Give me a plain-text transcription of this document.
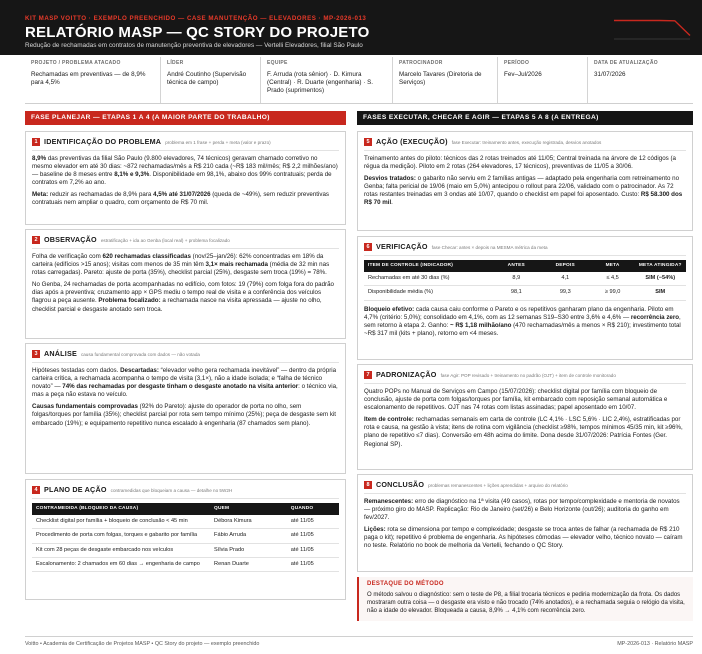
KIT MASP VOITTO · EXEMPLO PREENCHIDO — CASE MANUTENÇÃO — ELEVADORES · MP-2026-013
RELATÓRIO MASP — QC STORY DO PROJETO
Redução de rechamadas em contratos de manutenção preventiva de elevadores — Vertelli Elevadores, filial São Paulo
PROJETO / PROBLEMA ATACADO
Rechamadas em preventivas — de 8,9% para 4,5%
LÍDER
André Coutinho (Supervisão técnica de campo)
EQUIPE
F. Arruda (rota sênior) · D. Kimura (Central) · R. Duarte (engenharia) · S. Prado (suprimentos)
PATROCINADOR
Marcelo Tavares (Diretoria de Serviços)
PERÍODO
Fev–Jul/2026
DATA DE ATUALIZAÇÃO
31/07/2026
FASE PLANEJAR — ETAPAS 1 A 4 (A MAIOR PARTE DO TRABALHO)	FASES EXECUTAR, CHECAR E AGIR — ETAPAS 5 A 8 (A ENTREGA)
1 IDENTIFICAÇÃO DO PROBLEMA problema em 1 frase + perda + meta (valor e prazo)

8,9% das preventivas da filial São Paulo (9.800 elevadores, 74 técnicos) geravam chamado corretivo no mesmo elevador em até 30 dias: ~872 rechamadas/mês a R$ 210 cada (~R$ 183 mil/mês; R$ 2,2 milhões/ano) — baseline de 8 meses entre 8,1% e 9,3%. Disponibilidade em 98,1%, abaixo dos 99% contratuais; perda de contratos em 7,2% ao ano.

Meta: reduzir as rechamadas de 8,9% para 4,5% até 31/07/2026 (queda de ~49%), sem reduzir preventivas contratuais nem ampliar o quadro, com orçamento de R$ 70 mil.

2 OBSERVAÇÃO estratificação + ida ao Genba (local real) + problema focalizado

Folha de verificação com 620 rechamadas classificadas (nov/25–jan/26): 62% concentradas em 18% da carteira (edifícios >15 anos); visitas com menos de 35 min têm 3,1× mais rechamada (média de 32 min nas rotas carregadas). Pareto: ajuste de porta (35%), checklist parcial (25%), desgaste sem troca (19%) = 78%.

No Genba, 24 rechamadas de porta acompanhadas no edifício, com fotos: 19 (79%) com folga fora do padrão dias após a preventiva; cruzamento app × GPS mediu o tempo real de visita e a conferência dos veículos flagrou a peça ausente. Problema focalizado: a rechamada nasce na visita apressada — ajuste no olho, checklist parcial e desgaste anotado sem troca.

3 ANÁLISE causa fundamental comprovada com dados — não votada

Hipóteses testadas com dados. Descartadas: “elevador velho gera rechamada inevitável” — dentro da própria carteira crítica, a rechamada acompanha o tempo de visita (3,1×), não a idade isolada; e “falha de técnico novato” — 74% das rechamadas por desgaste tinham o desgaste anotado na visita anterior: o técnico via, mas a peça não estava no veículo.

Causas fundamentais comprovadas (92% do Pareto): ajuste do operador de porta no olho, sem folgas/torques por família (35%); checklist parcial por rota sem tempo mínimo (25%); peça de desgaste sem kit embarcado (19%); e equipamento repetitivo nunca escalado à engenharia (87 chamados sem plano).

4 PLANO DE AÇÃO contramedidas que bloqueiam a causa — detalhe no 5W2H
CONTRAMEDIDA (BLOQUEIO DA CAUSA)	QUEM	QUANDO
Checklist digital por família + bloqueio de conclusão < 45 min	Débora Kimura	até 11/05
Procedimento de porta com folgas, torques e gabarito por família	Fábio Arruda	até 11/05
Kit com 28 peças de desgaste embarcado nos veículos	Sílvia Prado	até 11/05
Escalonamento: 2 chamados em 60 dias → engenharia de campo	Renan Duarte	até 11/05
5 AÇÃO (EXECUÇÃO) fase Executar: treinamento antes, execução registrada, desvios anotados

Treinamento antes do piloto: técnicos das 2 rotas treinados até 11/05; Central treinada na árvore de 12 códigos (a régua da medição). Piloto em 2 rotas (264 elevadores, 17 técnicos), preventivas de 11/05 a 30/06.

Desvios tratados: o gabarito não serviu em 2 famílias antigas — adaptado pela engenharia com retreinamento no Genba; falta pericial de 19/06 (maio em 5,0%) antecipou o rollout para 22/06, validado com o patrocinador. As 72 rotas restantes treinadas em 3 ondas até 10/07, quando o checklist em papel foi aposentado. Custo: R$ 58.300 dos R$ 70 mil.

6 VERIFICAÇÃO fase Checar: antes × depois na MESMA métrica da meta
ITEM DE CONTROLE (INDICADOR)	ANTES	DEPOIS	META	META ATINGIDA?
Rechamadas em até 30 dias (%)	8,9	4,1	≤ 4,5	SIM (−54%)
Disponibilidade média (%)	98,1	99,3	≥ 99,0	SIM

Bloqueio efetivo: cada causa caiu conforme o Pareto e os repetitivos ganharam plano da engenharia. Piloto em 4,7% (critério: 5,0%); consolidado em 4,1%, com as 12 semanas S19–S30 entre 3,6% e 4,6% — recorrência zero, sem retorno à etapa 2. Ganho: ~ R$ 1,18 milhão/ano (470 rechamadas/mês a menos × R$ 210); investimento total ~R$ 317 mil (kits + plano), retorno em <4 meses.

7 PADRONIZAÇÃO fase Agir: POP revisado + treinamento no padrão (OJT) + item de controle monitorado

Quatro POPs no Manual de Serviços em Campo (15/07/2026): checklist digital por família com bloqueio de conclusão, ajuste de porta com folgas/torques por família, kit embarcado com reposição semanal automática e escalonamento de repetitivos. OJT nas 74 rotas com listas assinadas; papel aposentado em 10/07.

Item de controle: rechamadas semanais em carta de controle (LC 4,1% · LSC 5,6% · LIC 2,4%), estratificadas por rota e causa, na gestão à vista; itens de rotina com vigilância (checklist ≥98%, tempos mínimos 45/35 min, kit ≥96%, plano de repetitivo ≤7 dias). Conversão em 48h acima do limite. Dona desde 31/07/2026: Patrícia Fontes (Ger. Regional SP).

8 CONCLUSÃO problemas remanescentes + lições aprendidas + arquivo do relatório

Remanescentes: erro de diagnóstico na 1ª visita (49 casos), rotas por tempo/complexidade e mentoria de novatos — próximo giro do MASP. Replicação: Rio de Janeiro (set/26) e Belo Horizonte (out/26); auditoria do ganho em fev/2027.

Lições: rota se dimensiona por tempo e complexidade; desgaste se troca antes de falhar (a rechamada de R$ 210 paga o kit); repetitivo é problema de engenharia. As hipóteses cômodas — elevador velho, técnico novato — caíram no teste. Relatório no book de melhoria da Vertelli, fechando o QC Story.

DESTAQUE DO MÉTODO
O método salvou o diagnóstico: sem o teste de P8, a filial trocaria técnicos e pediria modernização da frota. Os dados mostraram outra coisa — o desgaste era visto e não trocado (74% anotados), e a rechamada seguia o relógio da visita, não a idade do elevador. Bloqueada a causa, 8,9% → 4,1% com recorrência zero.
Voitto • Academia de Certificação de Projetos MASP • QC Story do projeto — exemplo preenchido	MP-2026-013 · Relatório MASP
